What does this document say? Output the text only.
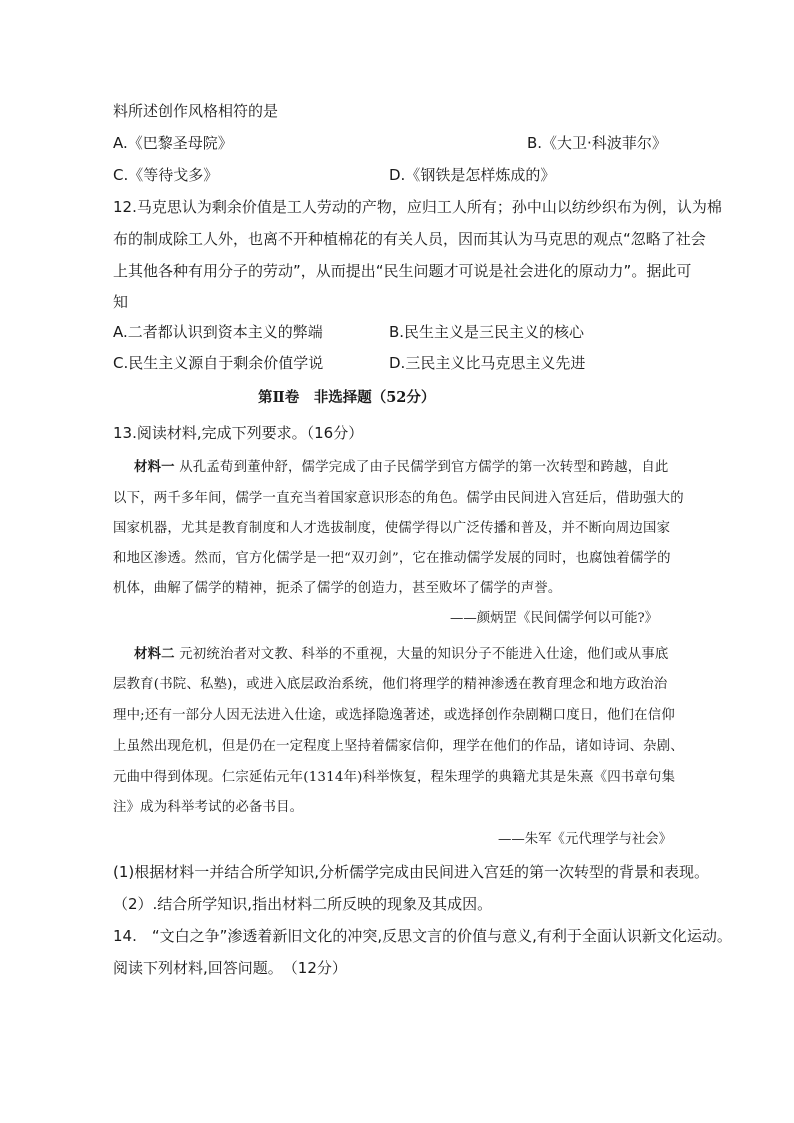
料所述创作风格相符的是
A.《巴黎圣母院》	B.《大卫·科波菲尔》
C.《等待戈多》	D.《钢铁是怎样炼成的》
12.马克思认为剩余价值是工人劳动的产物，应归工人所有；孙中山以纺纱织布为例，认为棉
布的制成除工人外，也离不开种植棉花的有关人员，因而其认为马克思的观点“忽略了社会
上其他各种有用分子的劳动”，从而提出“民生问题才可说是社会进化的原动力”。据此可
知
A.二者都认识到资本主义的弊端	B.民生主义是三民主义的核心
C.民生主义源自于剩余价值学说	D.三民主义比马克思主义先进
第Ⅱ卷　非选择题（52分）
13.阅读材料,完成下列要求。（16分）
材料一 从孔孟荀到董仲舒，儒学完成了由子民儒学到官方儒学的第一次转型和跨越，自此
以下，两千多年间，儒学一直充当着国家意识形态的角色。儒学由民间进入宫廷后，借助强大的
国家机器，尤其是教育制度和人才选拔制度，使儒学得以广泛传播和普及，并不断向周边国家
和地区渗透。然而，官方化儒学是一把“双刃剑”，它在推动儒学发展的同时，也腐蚀着儒学的
机体，曲解了儒学的精神，扼杀了儒学的创造力，甚至败坏了儒学的声誉。
——颜炳罡《民间儒学何以可能?》
材料二 元初统治者对文教、科举的不重视，大量的知识分子不能进入仕途，他们或从事底
层教育(书院、私塾)，或进入底层政治系统，他们将理学的精神渗透在教育理念和地方政治治
理中;还有一部分人因无法进入仕途，或选择隐逸著述，或选择创作杂剧糊口度日，他们在信仰
上虽然出现危机，但是仍在一定程度上坚持着儒家信仰，理学在他们的作品，诸如诗词、杂剧、
元曲中得到体现。仁宗延佑元年(1314年)科举恢复，程朱理学的典籍尤其是朱熹《四书章句集
注》成为科举考试的必备书目。
——朱军《元代理学与社会》
(1)根据材料一并结合所学知识,分析儒学完成由民间进入宫廷的第一次转型的背景和表现。
（2）.结合所学知识,指出材料二所反映的现象及其成因。
14.　“文白之争”渗透着新旧文化的冲突,反思文言的价值与意义,有利于全面认识新文化运动。
阅读下列材料,回答问题。　（12分）
